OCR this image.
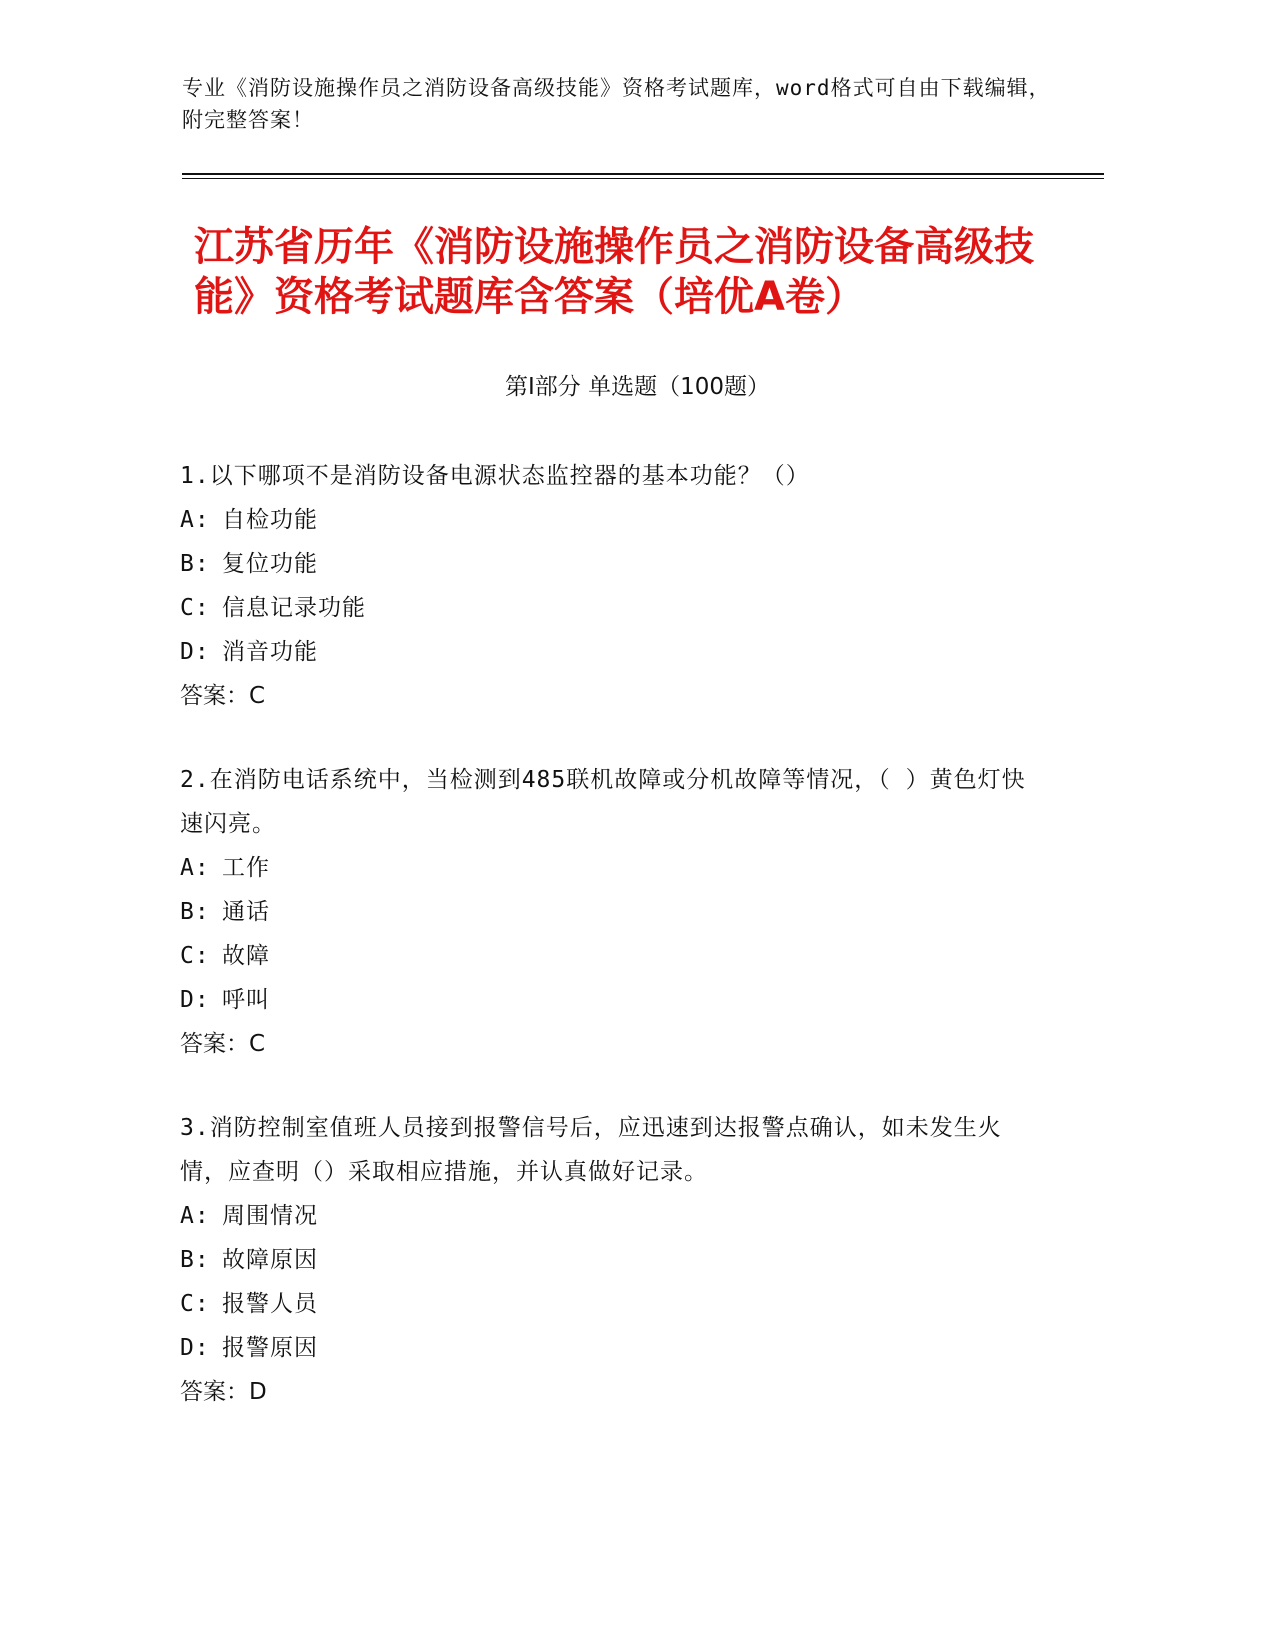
专业《消防设施操作员之消防设备高级技能》资格考试题库，word格式可自由下载编辑，附完整答案！
江苏省历年《消防设施操作员之消防设备高级技能》资格考试题库含答案（培优A卷）
第Ⅰ部分 单选题（100题）
1.以下哪项不是消防设备电源状态监控器的基本功能？（）
A: 自检功能
B: 复位功能
C: 信息记录功能
D: 消音功能
答案：C
2.在消防电话系统中，当检测到485联机故障或分机故障等情况，（ ）黄色灯快速闪亮。
A: 工作
B: 通话
C: 故障
D: 呼叫
答案：C
3.消防控制室值班人员接到报警信号后，应迅速到达报警点确认，如未发生火情，应查明（）采取相应措施，并认真做好记录。
A: 周围情况
B: 故障原因
C: 报警人员
D: 报警原因
答案：D
